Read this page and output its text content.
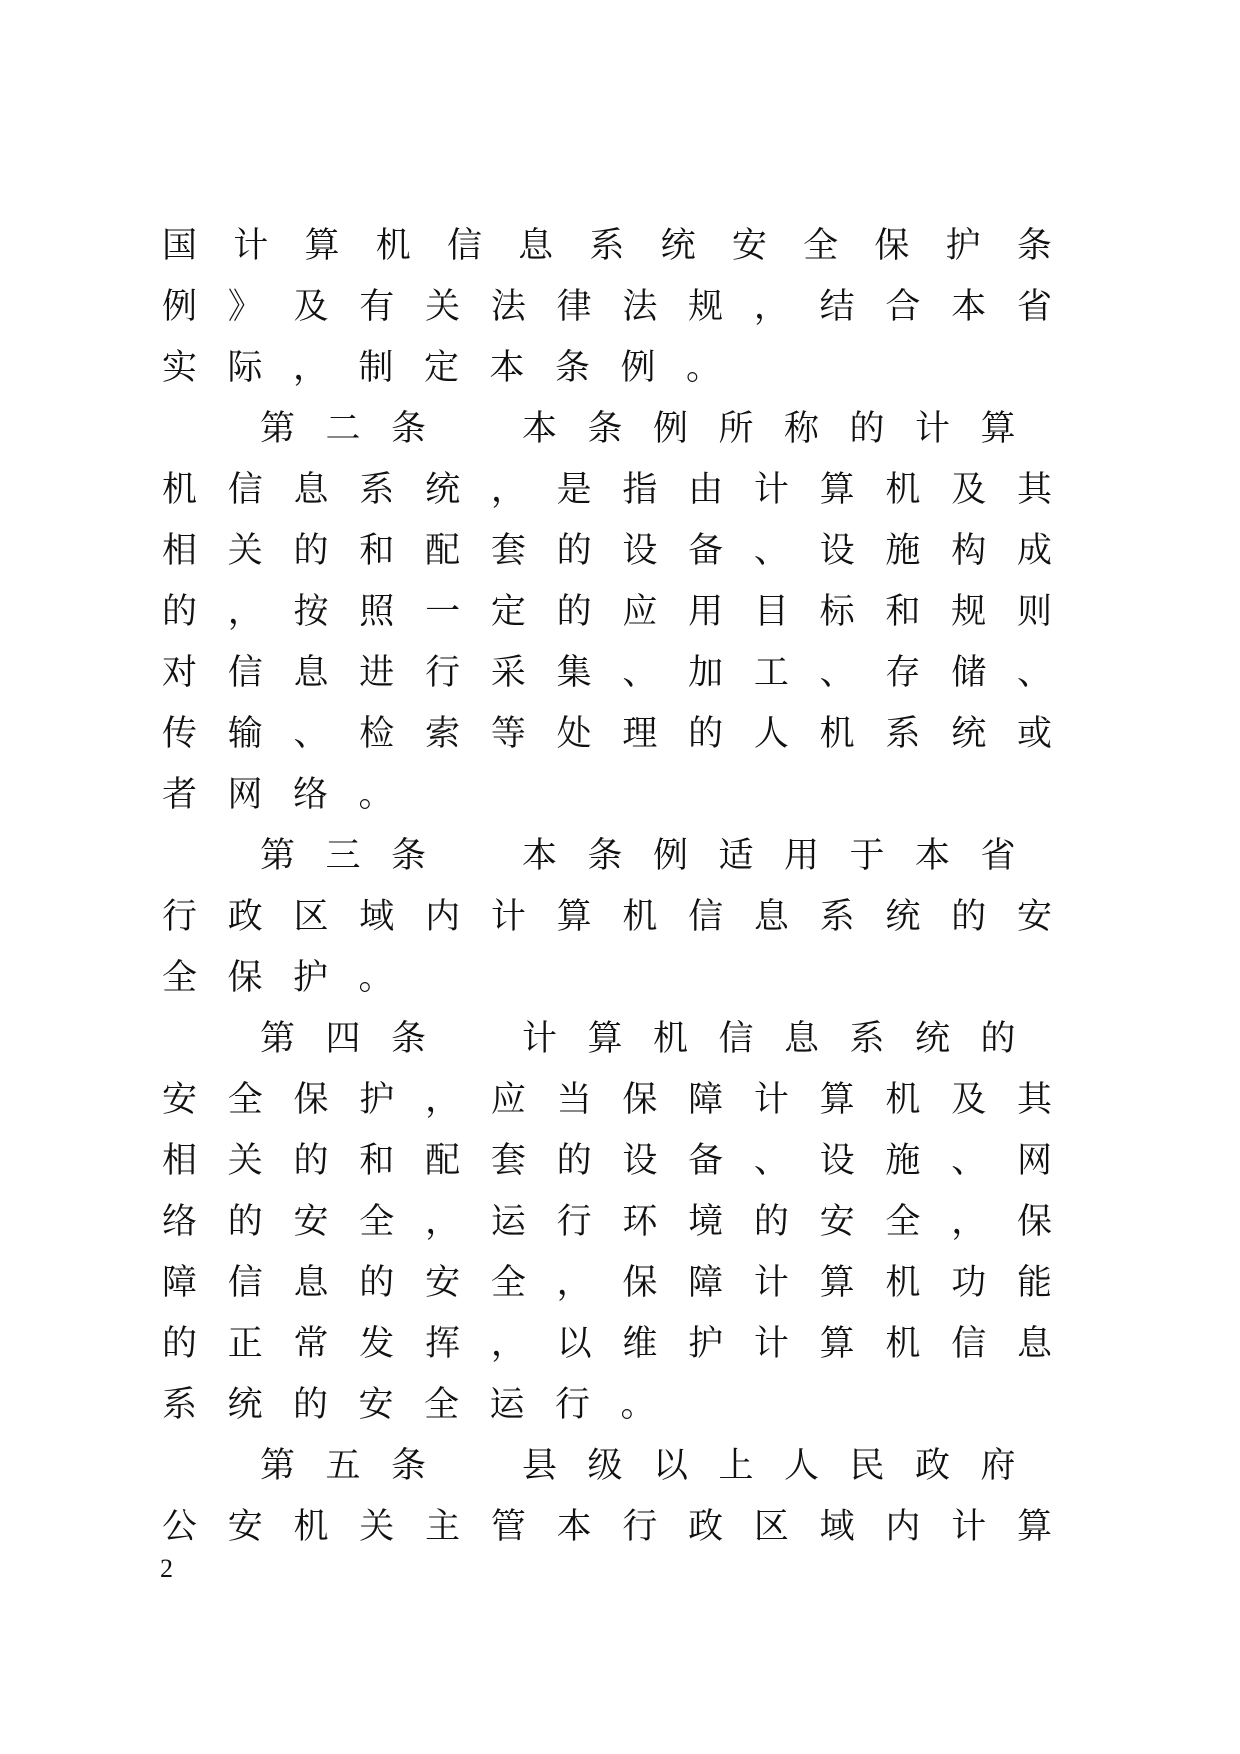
国 计 算 机 信 息 系 统 安 全 保 护 条
例 》 及 有 关 法 律 法 规 ， 结 合 本 省
实 际 ， 制 定 本 条 例 。
第 二 条	本 条 例 所 称 的 计 算
机 信 息 系 统 ， 是 指 由 计 算 机 及 其
相 关 的 和 配 套 的 设 备 、 设 施 构 成
的 ， 按 照 一 定 的 应 用 目 标 和 规 则
对 信 息 进 行 采 集 、 加 工 、 存 储 、
传 输 、 检 索 等 处 理 的 人 机 系 统 或
者 网 络 。
第 三 条	本 条 例 适 用 于 本 省
行 政 区 域 内 计 算 机 信 息 系 统 的 安
全 保 护 。
第 四 条	计 算 机 信 息 系 统 的
安 全 保 护 ， 应 当 保 障 计 算 机 及 其
相 关 的 和 配 套 的 设 备 、 设 施 、 网
络 的 安 全 ， 运 行 环 境 的 安 全 ， 保
障 信 息 的 安 全 ， 保 障 计 算 机 功 能
的 正 常 发 挥 ， 以 维 护 计 算 机 信 息
系 统 的 安 全 运 行 。
第 五 条	县 级 以 上 人 民 政 府
公 安 机 关 主 管 本 行 政 区 域 内 计 算
2
